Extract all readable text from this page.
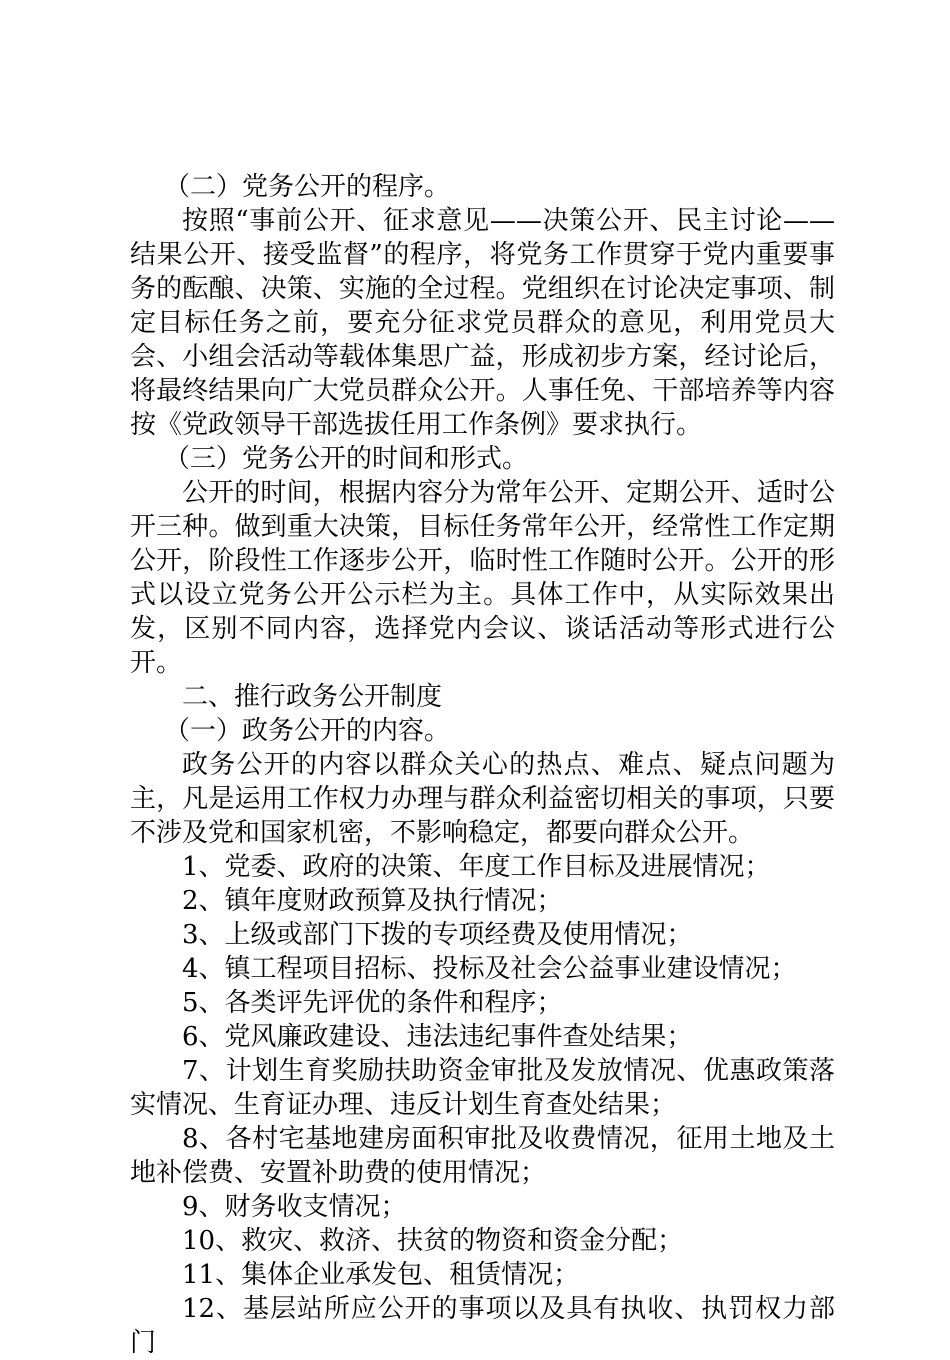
（二）党务公开的程序。

按照“事前公开、征求意见——决策公开、民主讨论——结果公开、接受监督”的程序，将党务工作贯穿于党内重要事务的酝酿、决策、实施的全过程。党组织在讨论决定事项、制定目标任务之前，要充分征求党员群众的意见，利用党员大会、小组会活动等载体集思广益，形成初步方案，经讨论后，将最终结果向广大党员群众公开。人事任免、干部培养等内容按《党政领导干部选拔任用工作条例》要求执行。

（三）党务公开的时间和形式。

公开的时间，根据内容分为常年公开、定期公开、适时公开三种。做到重大决策，目标任务常年公开，经常性工作定期公开，阶段性工作逐步公开，临时性工作随时公开。公开的形式以设立党务公开公示栏为主。具体工作中，从实际效果出发，区别不同内容，选择党内会议、谈话活动等形式进行公开。

二、推行政务公开制度

（一）政务公开的内容。

政务公开的内容以群众关心的热点、难点、疑点问题为主，凡是运用工作权力办理与群众利益密切相关的事项，只要不涉及党和国家机密，不影响稳定，都要向群众公开。

1、党委、政府的决策、年度工作目标及进展情况；

2、镇年度财政预算及执行情况；

3、上级或部门下拨的专项经费及使用情况；

4、镇工程项目招标、投标及社会公益事业建设情况；

5、各类评先评优的条件和程序；

6、党风廉政建设、违法违纪事件查处结果；

7、计划生育奖励扶助资金审批及发放情况、优惠政策落实情况、生育证办理、违反计划生育查处结果；

8、各村宅基地建房面积审批及收费情况，征用土地及土地补偿费、安置补助费的使用情况；

9、财务收支情况；

10、救灾、救济、扶贫的物资和资金分配；

11、集体企业承发包、租赁情况；

12、基层站所应公开的事项以及具有执收、执罚权力部门
